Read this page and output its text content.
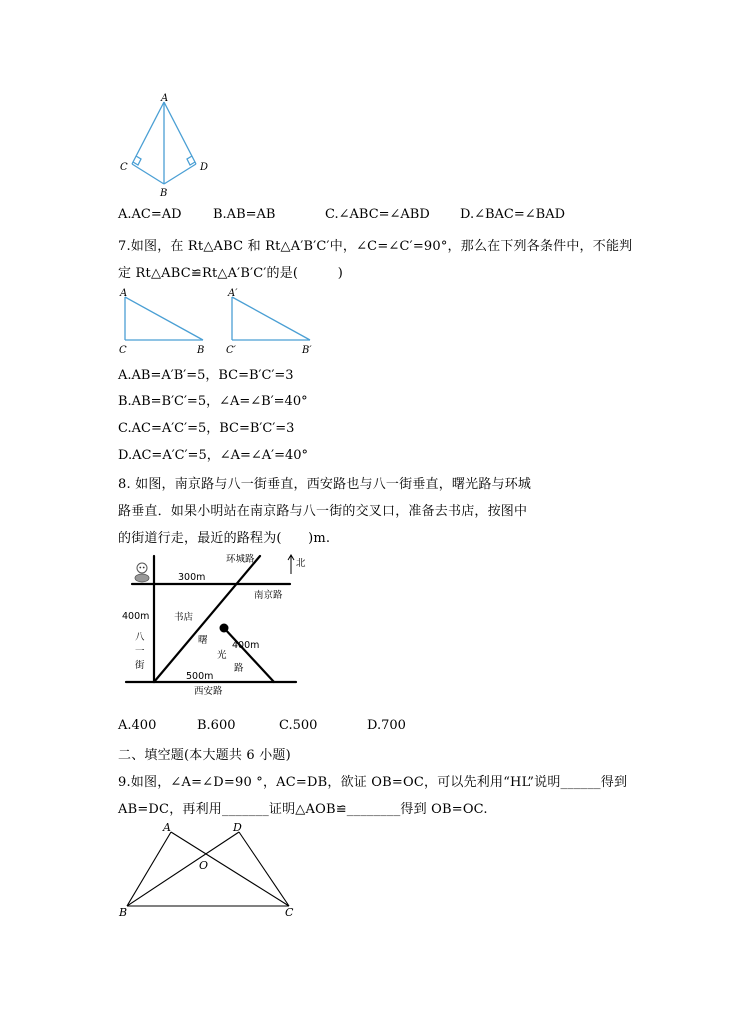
A
C	D
B
A.AC=AD B.AB=AB	C.∠ABC=∠ABD D.∠BAC=∠BAD
7.如图，在 Rt△ABC 和 Rt△A′B′C′中，∠C=∠C′=90°，那么在下列各条件中，不能判
定 Rt△ABC≌Rt△A′B′C′的是(　　　)
A
C	B
A′
C′	B′
A.AB=A′B′=5，BC=B′C′=3
B.AB=B′C′=5，∠A=∠B′=40°
C.AC=A′C′=5，BC=B′C′=3
D.AC=A′C′=5，∠A=∠A′=40°
8. 如图，南京路与八一街垂直，西安路也与八一街垂直，曙光路与环城
路垂直．如果小明站在南京路与八一街的交叉口，准备去书店，按图中
的街道行走，最近的路程为(　　)m.
北
环城路
300m
南京路
400m	书店
八
一
街
曙
光
路
400m
500m
西安路
A.400	B.600	C.500	D.700
二、填空题(本大题共 6 小题)
9.如图，∠A=∠D=90 °，AC=DB，欲证 OB=OC，可以先利用“HL”说明______得到
AB=DC，再利用_______证明△AOB≌________得到 OB=OC.
A	D
O
B	C
